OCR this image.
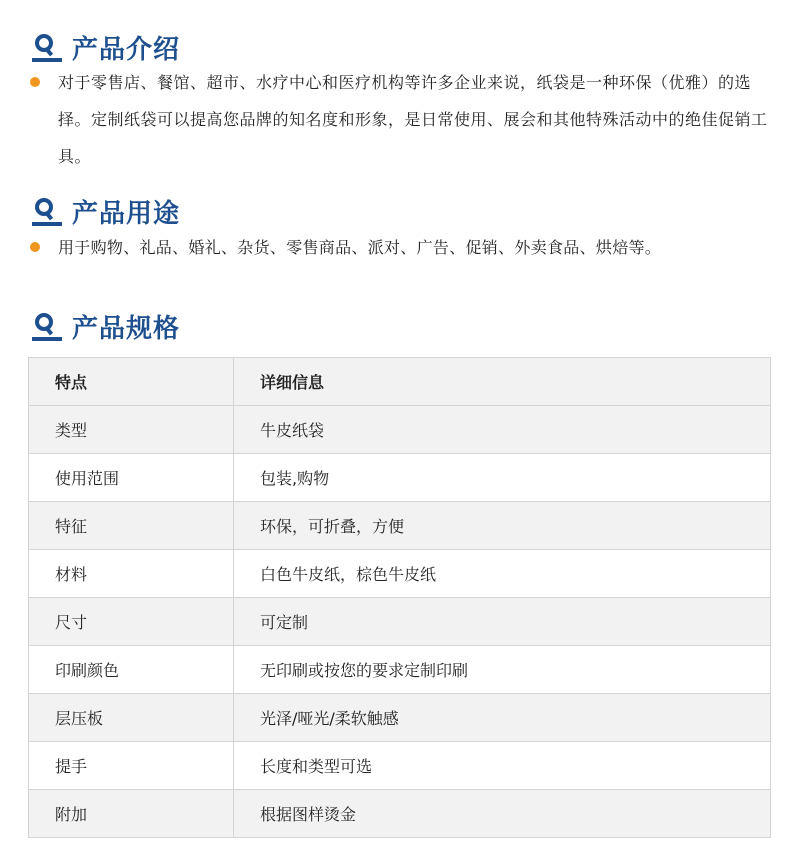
产品介绍
对于零售店、餐馆、超市、水疗中心和医疗机构等许多企业来说，纸袋是一种环保（优雅）的选择。定制纸袋可以提高您品牌的知名度和形象，是日常使用、展会和其他特殊活动中的绝佳促销工具。
产品用途
用于购物、礼品、婚礼、杂货、零售商品、派对、广告、促销、外卖食品、烘焙等。
产品规格
特点	详细信息
类型	牛皮纸袋
使用范围	包装,购物
特征	环保，可折叠，方便
材料	白色牛皮纸，棕色牛皮纸
尺寸	可定制
印刷颜色	无印刷或按您的要求定制印刷
层压板	光泽/哑光/柔软触感
提手	长度和类型可选
附加	根据图样烫金
